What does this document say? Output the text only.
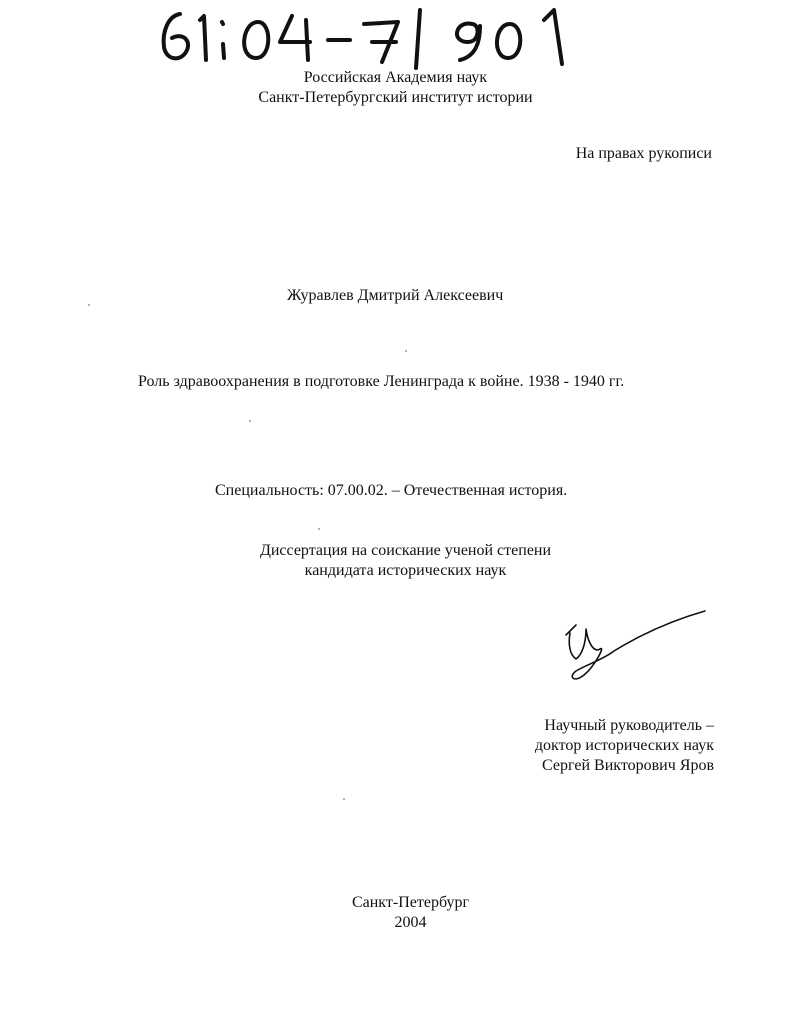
Российская Академия наук
Санкт-Петербургский институт истории
На правах рукописи
Журавлев Дмитрий Алексеевич
Роль здравоохранения в подготовке Ленинграда к войне. 1938 - 1940 гг.
Специальность: 07.00.02. – Отечественная история.
Диссертация на соискание ученой степени
кандидата исторических наук
Научный руководитель –
доктор исторических наук
Сергей Викторович Яров
Санкт-Петербург
2004
